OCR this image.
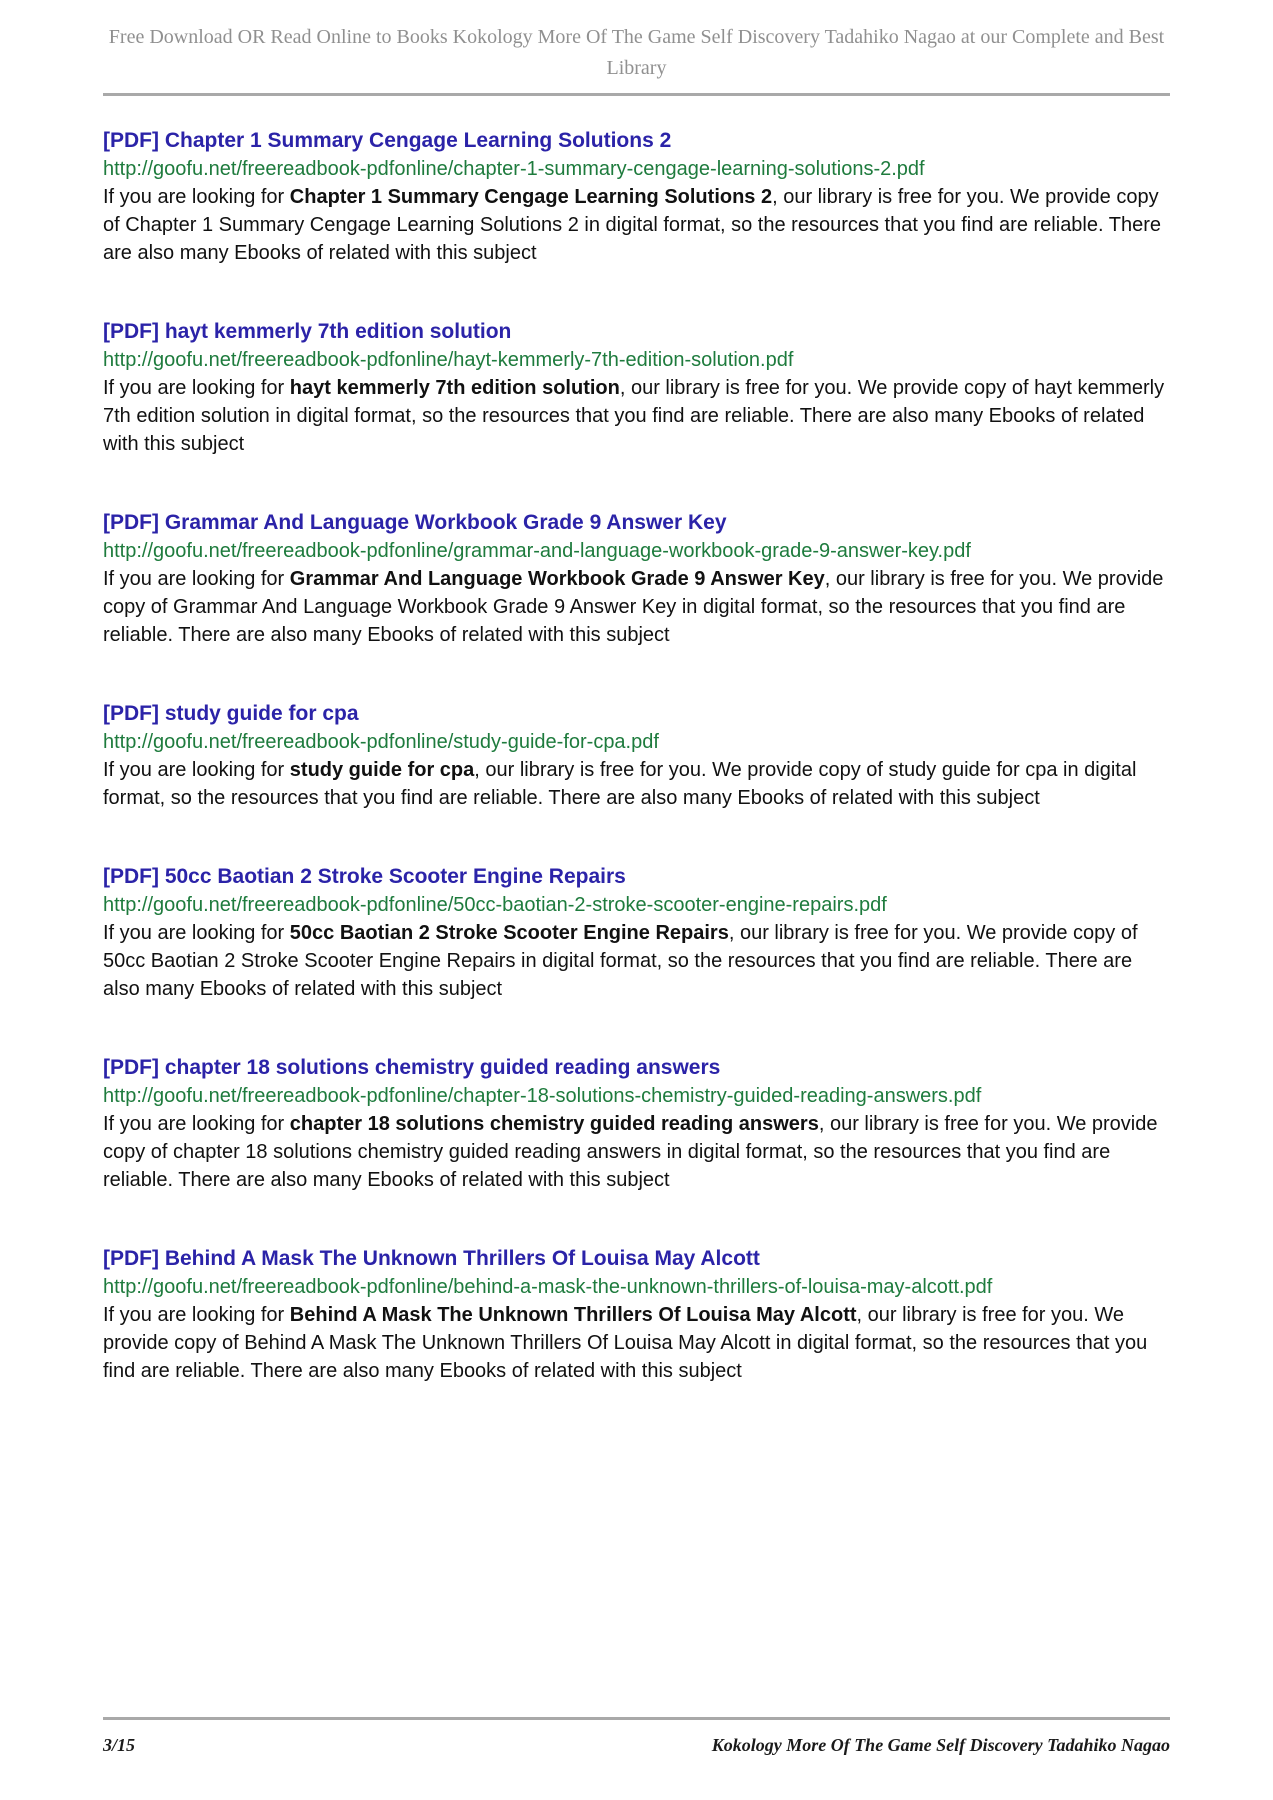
Free Download OR Read Online to Books Kokology More Of The Game Self Discovery Tadahiko Nagao at our Complete and Best Library
[PDF] Chapter 1 Summary Cengage Learning Solutions 2
http://goofu.net/freereadbook-pdfonline/chapter-1-summary-cengage-learning-solutions-2.pdf

If you are looking for Chapter 1 Summary Cengage Learning Solutions 2, our library is free for you. We provide copy of Chapter 1 Summary Cengage Learning Solutions 2 in digital format, so the resources that you find are reliable. There are also many Ebooks of related with this subject

[PDF] hayt kemmerly 7th edition solution
http://goofu.net/freereadbook-pdfonline/hayt-kemmerly-7th-edition-solution.pdf

If you are looking for hayt kemmerly 7th edition solution, our library is free for you. We provide copy of hayt kemmerly 7th edition solution in digital format, so the resources that you find are reliable. There are also many Ebooks of related with this subject

[PDF] Grammar And Language Workbook Grade 9 Answer Key
http://goofu.net/freereadbook-pdfonline/grammar-and-language-workbook-grade-9-answer-key.pdf

If you are looking for Grammar And Language Workbook Grade 9 Answer Key, our library is free for you. We provide copy of Grammar And Language Workbook Grade 9 Answer Key in digital format, so the resources that you find are reliable. There are also many Ebooks of related with this subject

[PDF] study guide for cpa
http://goofu.net/freereadbook-pdfonline/study-guide-for-cpa.pdf

If you are looking for study guide for cpa, our library is free for you. We provide copy of study guide for cpa in digital format, so the resources that you find are reliable. There are also many Ebooks of related with this subject

[PDF] 50cc Baotian 2 Stroke Scooter Engine Repairs
http://goofu.net/freereadbook-pdfonline/50cc-baotian-2-stroke-scooter-engine-repairs.pdf

If you are looking for 50cc Baotian 2 Stroke Scooter Engine Repairs, our library is free for you. We provide copy of 50cc Baotian 2 Stroke Scooter Engine Repairs in digital format, so the resources that you find are reliable. There are also many Ebooks of related with this subject

[PDF] chapter 18 solutions chemistry guided reading answers
http://goofu.net/freereadbook-pdfonline/chapter-18-solutions-chemistry-guided-reading-answers.pdf

If you are looking for chapter 18 solutions chemistry guided reading answers, our library is free for you. We provide copy of chapter 18 solutions chemistry guided reading answers in digital format, so the resources that you find are reliable. There are also many Ebooks of related with this subject

[PDF] Behind A Mask The Unknown Thrillers Of Louisa May Alcott
http://goofu.net/freereadbook-pdfonline/behind-a-mask-the-unknown-thrillers-of-louisa-may-alcott.pdf

If you are looking for Behind A Mask The Unknown Thrillers Of Louisa May Alcott, our library is free for you. We provide copy of Behind A Mask The Unknown Thrillers Of Louisa May Alcott in digital format, so the resources that you find are reliable. There are also many Ebooks of related with this subject

3/15	Kokology More Of The Game Self Discovery Tadahiko Nagao
